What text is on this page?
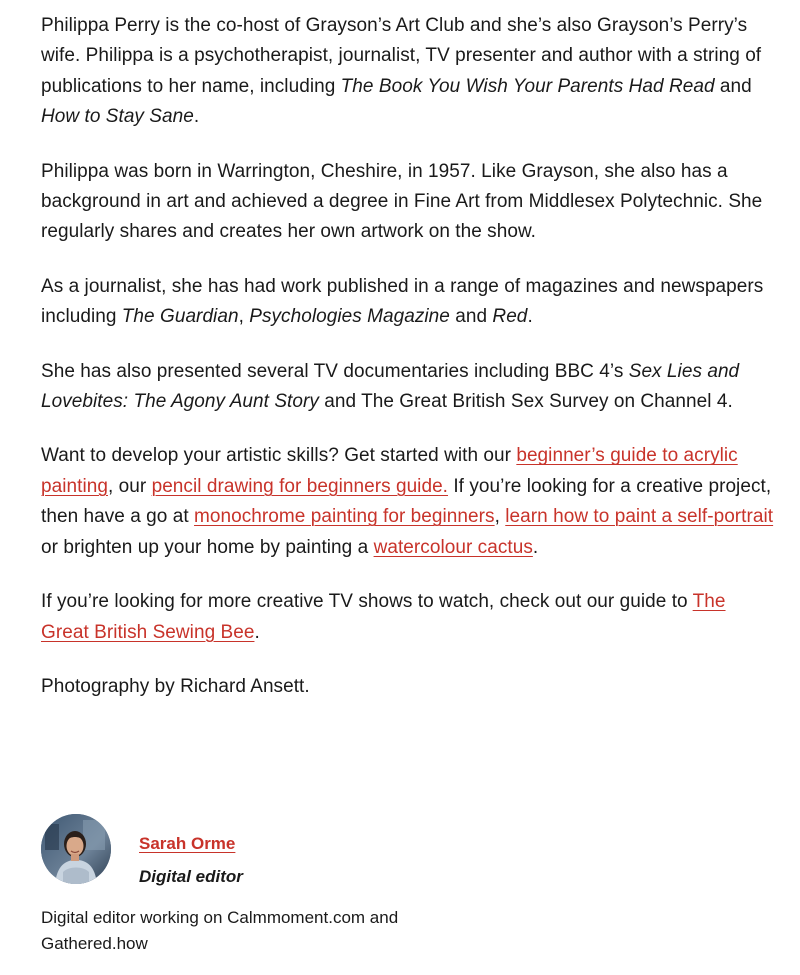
Philippa Perry is the co-host of Grayson’s Art Club and she’s also Grayson’s Perry’s wife. Philippa is a psychotherapist, journalist, TV presenter and author with a string of publications to her name, including The Book You Wish Your Parents Had Read and How to Stay Sane.

Philippa was born in Warrington, Cheshire, in 1957. Like Grayson, she also has a background in art and achieved a degree in Fine Art from Middlesex Polytechnic. She regularly shares and creates her own artwork on the show.

As a journalist, she has had work published in a range of magazines and newspapers including The Guardian, Psychologies Magazine and Red.

She has also presented several TV documentaries including BBC 4’s Sex Lies and Lovebites: The Agony Aunt Story and The Great British Sex Survey on Channel 4.

Want to develop your artistic skills? Get started with our beginner’s guide to acrylic painting, our pencil drawing for beginners guide. If you’re looking for a creative project, then have a go at monochrome painting for beginners, learn how to paint a self-portrait or brighten up your home by painting a watercolour cactus.

If you’re looking for more creative TV shows to watch, check out our guide to The Great British Sewing Bee.

Photography by Richard Ansett.

Sarah Orme
Digital editor
Digital editor working on Calmmoment.com and Gathered.how
